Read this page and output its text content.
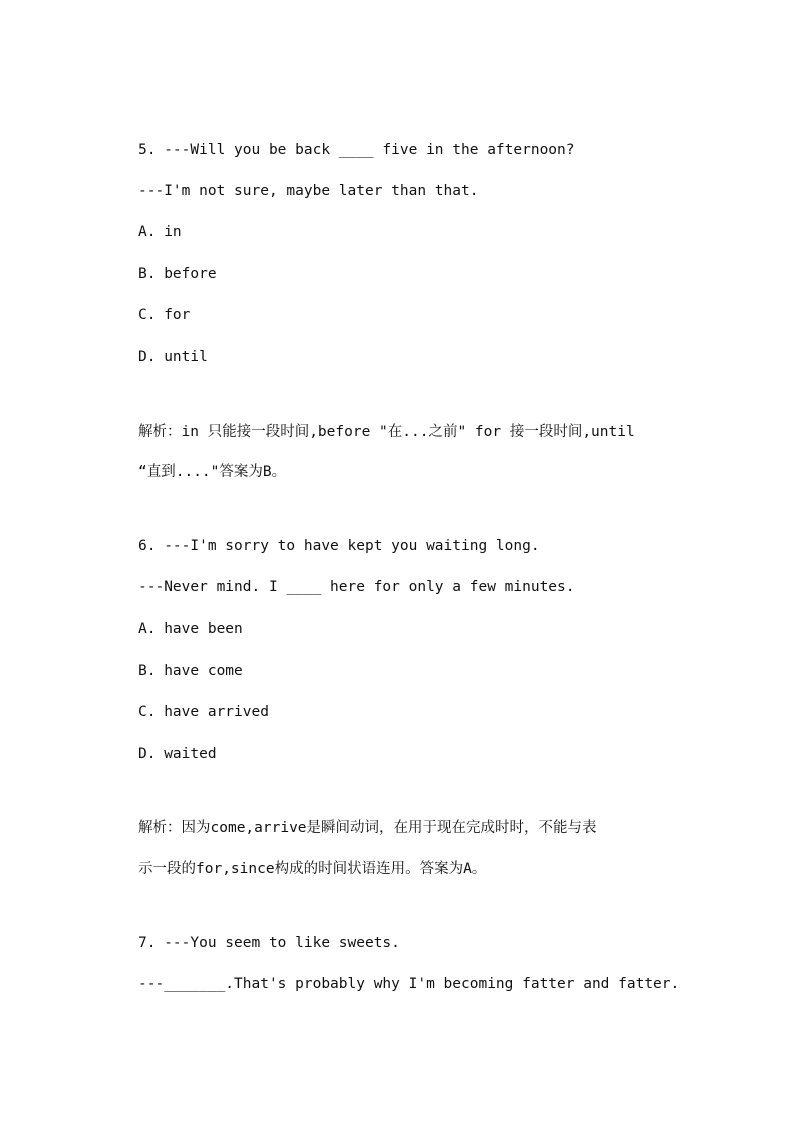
5. ---Will you be back ____ five in the afternoon?
---I'm not sure, maybe later than that.
A. in
B. before
C. for
D. until
解析：in 只能接一段时间,before "在...之前" for 接一段时间,until
“直到...."答案为B。
6. ---I'm sorry to have kept you waiting long.
---Never mind. I ____ here for only a few minutes.
A. have been
B. have come
C. have arrived
D. waited
解析：因为come,arrive是瞬间动词，在用于现在完成时时，不能与表
示一段的for,since构成的时间状语连用。答案为A。
7. ---You seem to like sweets.
---_______.That's probably why I'm becoming fatter and fatter.
